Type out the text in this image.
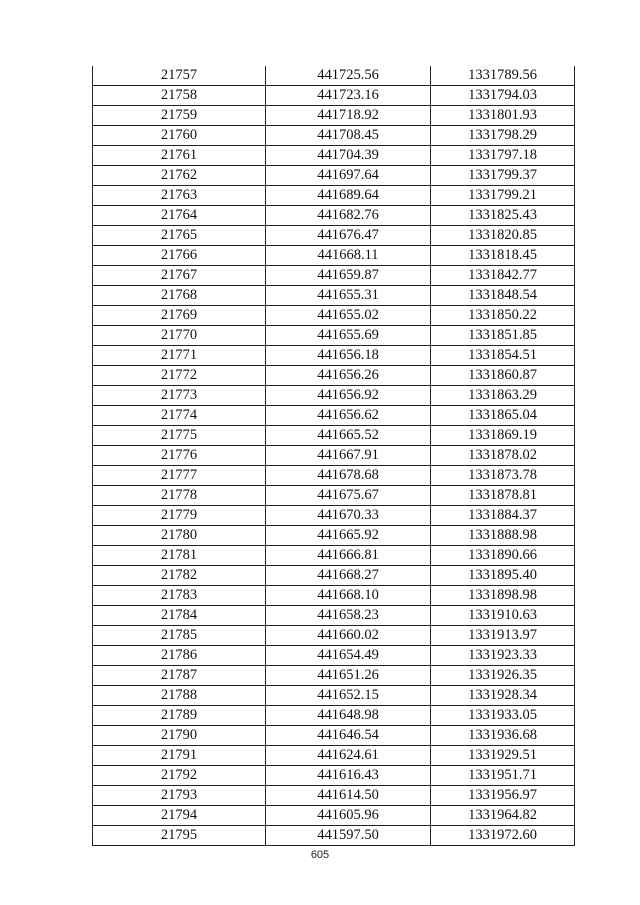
21757	441725.56	1331789.56
21758	441723.16	1331794.03
21759	441718.92	1331801.93
21760	441708.45	1331798.29
21761	441704.39	1331797.18
21762	441697.64	1331799.37
21763	441689.64	1331799.21
21764	441682.76	1331825.43
21765	441676.47	1331820.85
21766	441668.11	1331818.45
21767	441659.87	1331842.77
21768	441655.31	1331848.54
21769	441655.02	1331850.22
21770	441655.69	1331851.85
21771	441656.18	1331854.51
21772	441656.26	1331860.87
21773	441656.92	1331863.29
21774	441656.62	1331865.04
21775	441665.52	1331869.19
21776	441667.91	1331878.02
21777	441678.68	1331873.78
21778	441675.67	1331878.81
21779	441670.33	1331884.37
21780	441665.92	1331888.98
21781	441666.81	1331890.66
21782	441668.27	1331895.40
21783	441668.10	1331898.98
21784	441658.23	1331910.63
21785	441660.02	1331913.97
21786	441654.49	1331923.33
21787	441651.26	1331926.35
21788	441652.15	1331928.34
21789	441648.98	1331933.05
21790	441646.54	1331936.68
21791	441624.61	1331929.51
21792	441616.43	1331951.71
21793	441614.50	1331956.97
21794	441605.96	1331964.82
21795	441597.50	1331972.60
605
